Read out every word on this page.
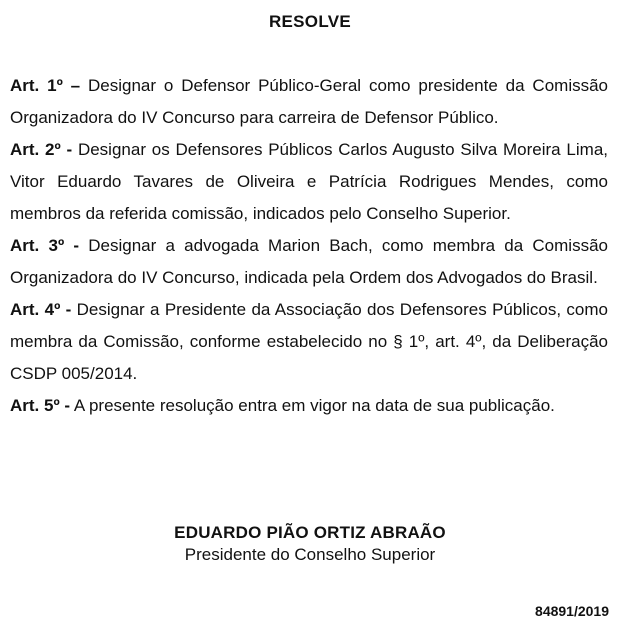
RESOLVE

Art. 1º – Designar o Defensor Público-Geral como presidente da Comissão Organizadora do IV Concurso para carreira de Defensor Público.

Art. 2º - Designar os Defensores Públicos Carlos Augusto Silva Moreira Lima, Vitor Eduardo Tavares de Oliveira e Patrícia Rodrigues Mendes, como membros da referida comissão, indicados pelo Conselho Superior.

Art. 3º - Designar a advogada Marion Bach, como membra da Comissão Organizadora do IV Concurso, indicada pela Ordem dos Advogados do Brasil.

Art. 4º - Designar a Presidente da Associação dos Defensores Públicos, como membra da Comissão, conforme estabelecido no § 1º, art. 4º, da Deliberação CSDP 005/2014.

Art. 5º - A presente resolução entra em vigor na data de sua publicação.

EDUARDO PIÃO ORTIZ ABRAÃO
Presidente do Conselho Superior
84891/2019
